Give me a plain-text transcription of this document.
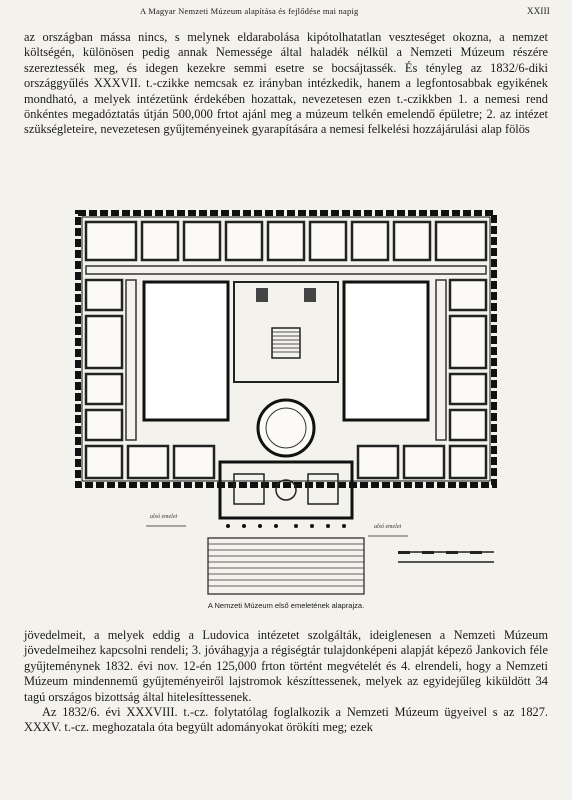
A Magyar Nemzeti Múzeum alapítása és fejlődése mai napig	XXIII

az országban mássa nincs, s melynek eldarabolása kipótolhatatlan veszteséget okozna, a nemzet költségén, különösen pedig annak Nemessége által haladék nélkül a Nemzeti Múzeum részére szereztessék meg, és idegen kezekre semmi esetre se bocsájtassék. És tényleg az 1832/6-diki országgyűlés XXXVII. t.-czikke nemcsak ez irányban intézkedik, hanem a legfontosabbak egyikének mondható, a melyek intézetünk érdekében hozattak, nevezetesen ezen t.-czikkben 1. a nemesi rend önkéntes megadóztatás útján 500,000 frtot ajánl meg a múzeum telkén emelendő épületre; 2. az intézet szükségleteire, nevezetesen gyűjteményeinek gyarapítására a nemesi felkelési hozzájárulási alap fölös

alsó emelet
alsó emelet
A Nemzeti Múzeum első emeletének alaprajza.

jövedelmeit, a melyek eddig a Ludovica intézetet szolgálták, ideiglenesen a Nemzeti Múzeum jövedelmeihez kapcsolni rendeli; 3. jóváhagyja a régiségtár tulajdonképeni alapját képező Jankovich féle gyűjteménynek 1832. évi nov. 12-én 125,000 frton történt megvételét és 4. elrendeli, hogy a Nemzeti Múzeum mindennemű gyűjteményeiről lajstromok készíttessenek, melyek az egyidejűleg kiküldött 34 tagú országos bizottság által hitelesíttessenek.

Az 1832/6. évi XXXVIII. t.-cz. folytatólag foglalkozik a Nemzeti Múzeum ügyeivel s az 1827. XXXV. t.-cz. meghozatala óta begyült adományokat örökíti meg; ezek
